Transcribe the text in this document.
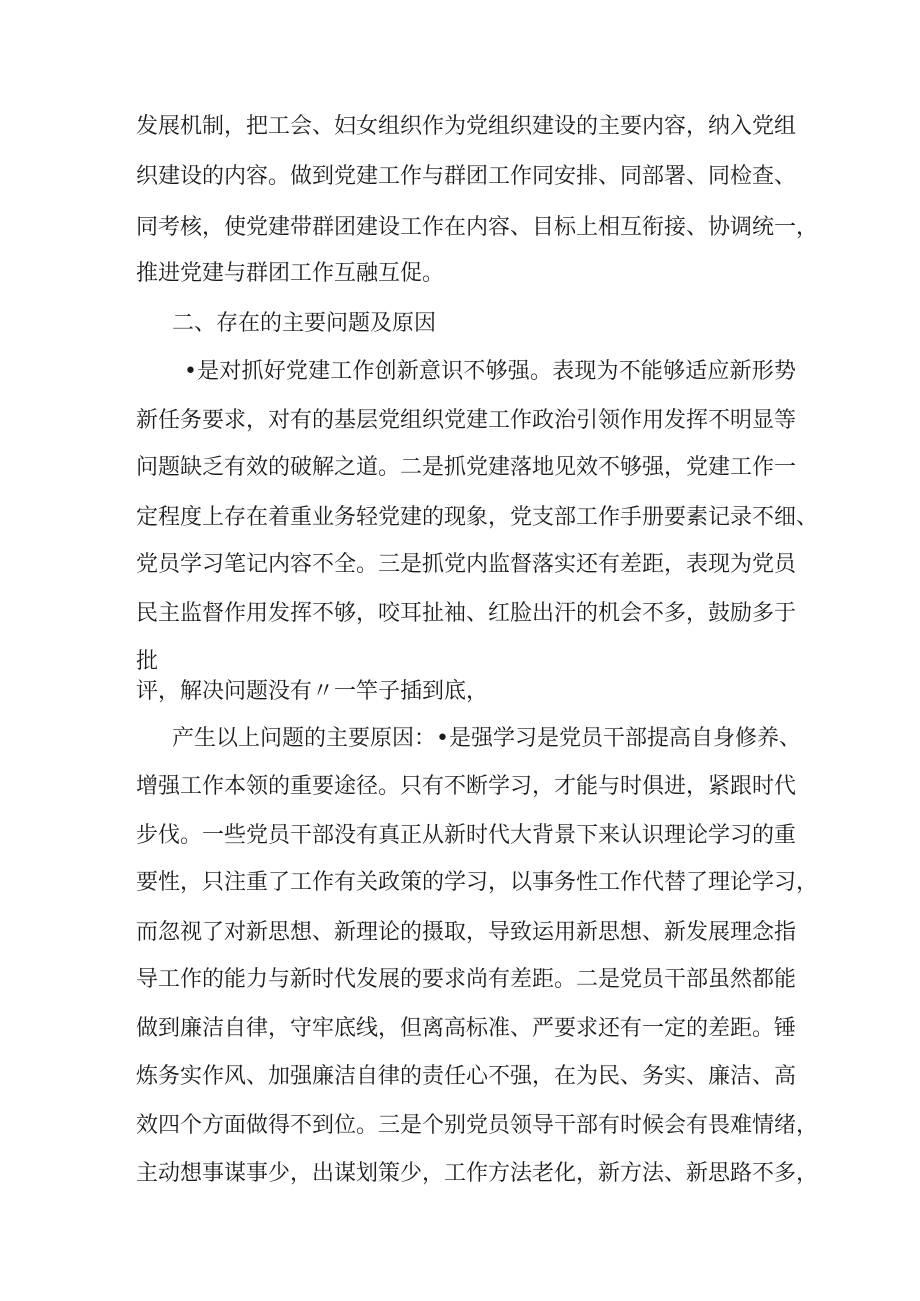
发展机制，把工会、妇女组织作为党组织建设的主要内容，纳入党组
织建设的内容。做到党建工作与群团工作同安排、同部署、同检查、
同考核，使党建带群团建设工作在内容、目标上相互衔接、协调统一，
推进党建与群团工作互融互促。
二、存在的主要问题及原因
•是对抓好党建工作创新意识不够强。表现为不能够适应新形势
新任务要求，对有的基层党组织党建工作政治引领作用发挥不明显等
问题缺乏有效的破解之道。二是抓党建落地见效不够强，党建工作一
定程度上存在着重业务轻党建的现象，党支部工作手册要素记录不细、
党员学习笔记内容不全。三是抓党内监督落实还有差距，表现为党员
民主监督作用发挥不够，咬耳扯袖、红脸出汗的机会不多，鼓励多于
批
评，解决问题没有〃一竿子插到底，
产生以上问题的主要原因：•是强学习是党员干部提高自身修养、
增强工作本领的重要途径。只有不断学习，才能与时俱进，紧跟时代
步伐。一些党员干部没有真正从新时代大背景下来认识理论学习的重
要性，只注重了工作有关政策的学习，以事务性工作代替了理论学习，
而忽视了对新思想、新理论的摄取，导致运用新思想、新发展理念指
导工作的能力与新时代发展的要求尚有差距。二是党员干部虽然都能
做到廉洁自律，守牢底线，但离高标准、严要求还有一定的差距。锤
炼务实作风、加强廉洁自律的责任心不强，在为民、务实、廉洁、高
效四个方面做得不到位。三是个别党员领导干部有时候会有畏难情绪，
主动想事谋事少，出谋划策少，工作方法老化，新方法、新思路不多，
